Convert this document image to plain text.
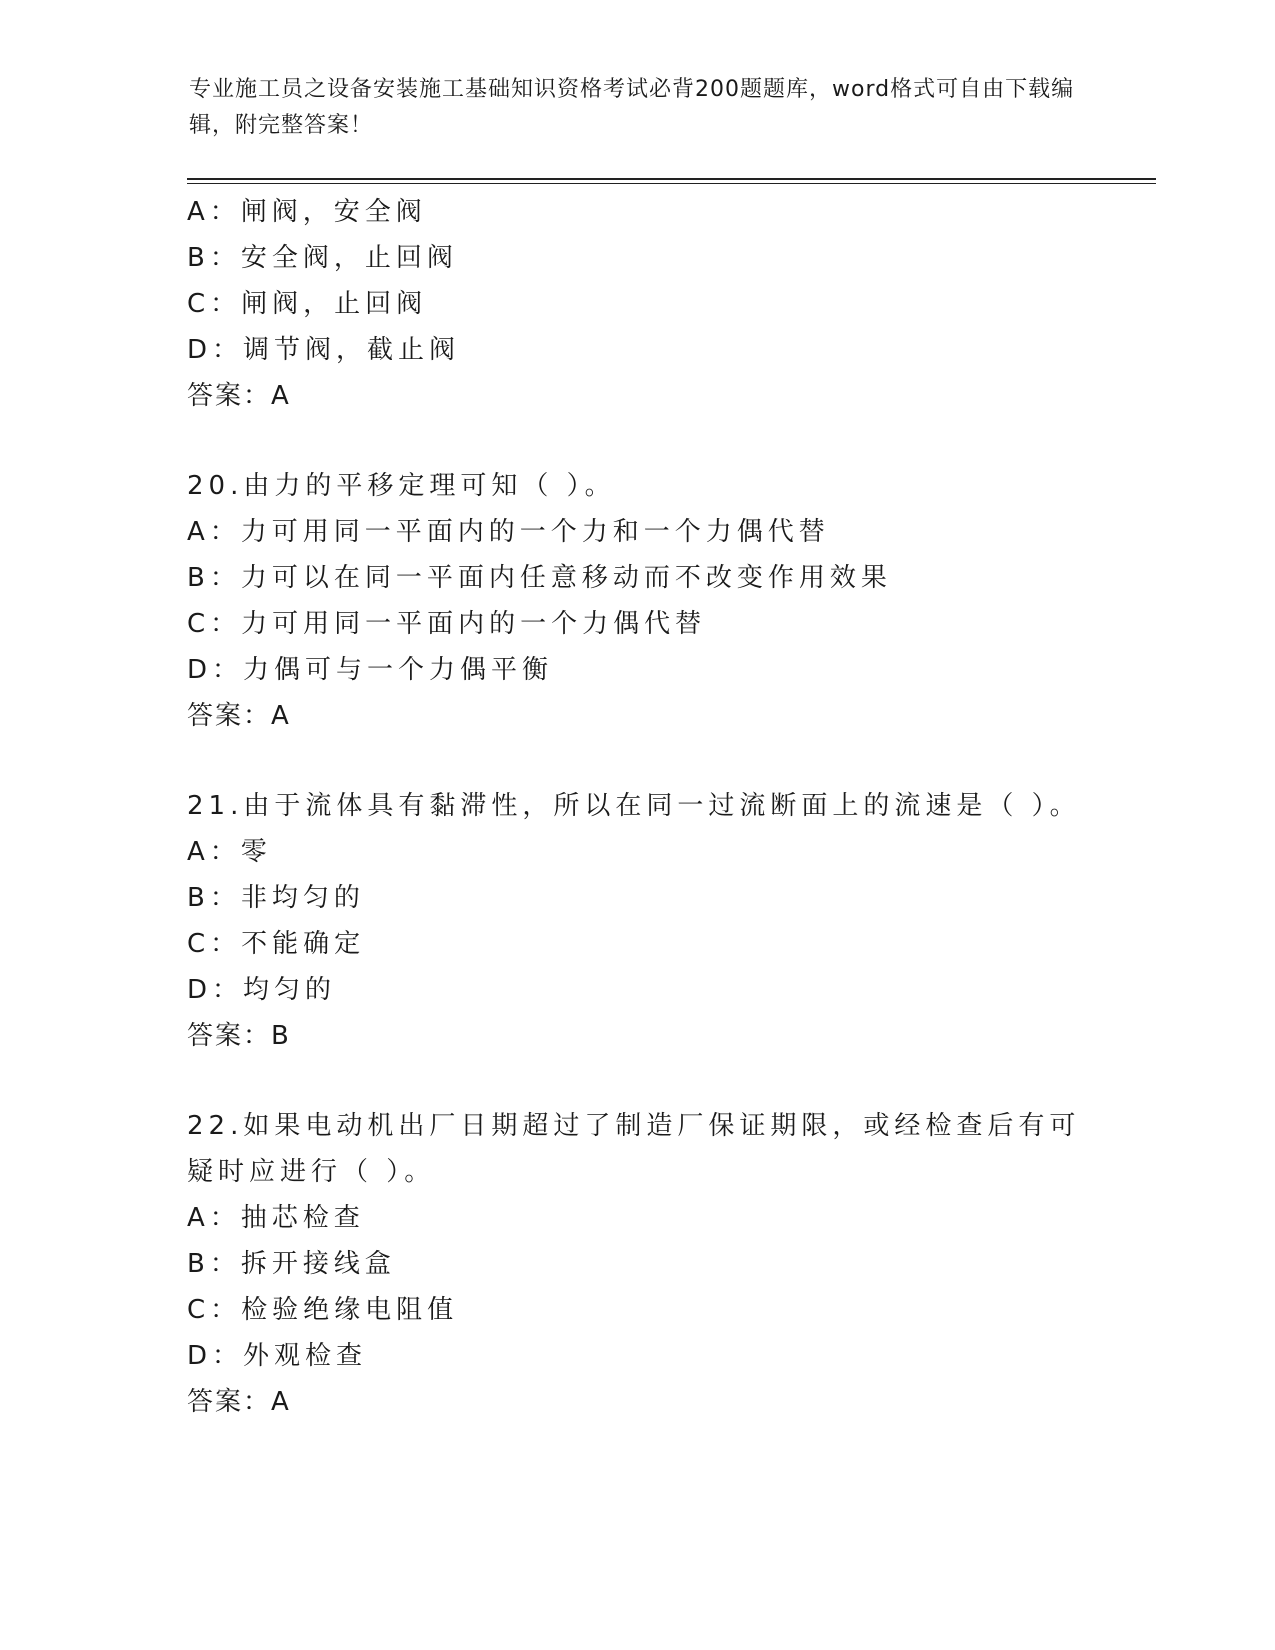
专业施工员之设备安装施工基础知识资格考试必背200题题库，word格式可自由下载编辑，附完整答案！
A：闸阀，安全阀
B：安全阀，止回阀
C：闸阀，止回阀
D：调节阀，截止阀
答案：A
20.由力的平移定理可知（ ）。
A：力可用同一平面内的一个力和一个力偶代替
B：力可以在同一平面内任意移动而不改变作用效果
C：力可用同一平面内的一个力偶代替
D：力偶可与一个力偶平衡
答案：A
21.由于流体具有黏滞性，所以在同一过流断面上的流速是（ ）。
A：零
B：非均匀的
C：不能确定
D：均匀的
答案：B
22.如果电动机出厂日期超过了制造厂保证期限，或经检查后有可疑时应进行（ ）。
A：抽芯检查
B：拆开接线盒
C：检验绝缘电阻值
D：外观检查
答案：A
